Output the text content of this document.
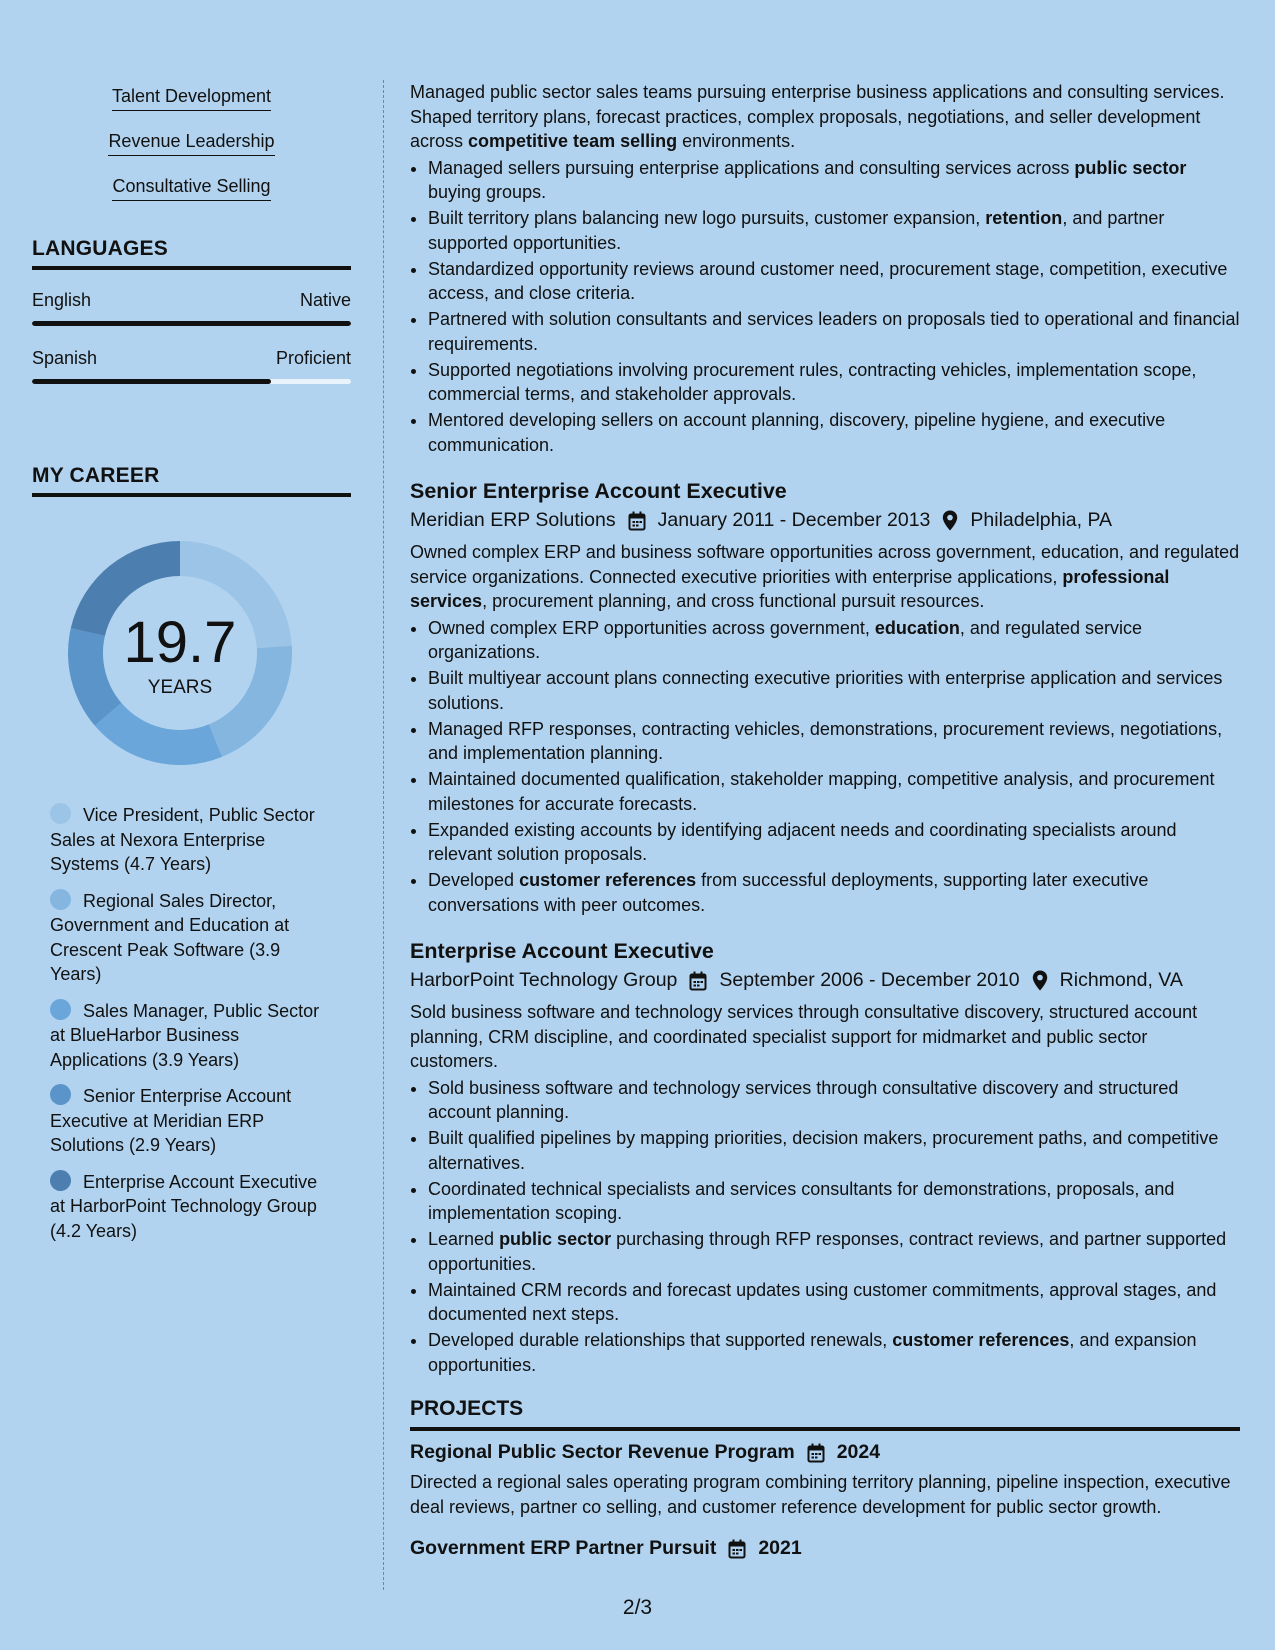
Talent Development
Revenue Leadership
Consultative Selling
LANGUAGES
English	Native
Spanish	Proficient
MY CAREER
19.7
YEARS
Vice President, Public Sector Sales at Nexora Enterprise Systems (4.7 Years)
Regional Sales Director, Government and Education at Crescent Peak Software (3.9 Years)
Sales Manager, Public Sector at BlueHarbor Business Applications (3.9 Years)
Senior Enterprise Account Executive at Meridian ERP Solutions (2.9 Years)
Enterprise Account Executive at HarborPoint Technology Group (4.2 Years)

Managed public sector sales teams pursuing enterprise business applications and consulting services. Shaped territory plans, forecast practices, complex proposals, negotiations, and seller development across competitive team selling environments.

• Managed sellers pursuing enterprise applications and consulting services across public sector buying groups.
• Built territory plans balancing new logo pursuits, customer expansion, retention, and partner supported opportunities.
• Standardized opportunity reviews around customer need, procurement stage, competition, executive access, and close criteria.
• Partnered with solution consultants and services leaders on proposals tied to operational and financial requirements.
• Supported negotiations involving procurement rules, contracting vehicles, implementation scope, commercial terms, and stakeholder approvals.
• Mentored developing sellers on account planning, discovery, pipeline hygiene, and executive communication.
Senior Enterprise Account Executive
Meridian ERP Solutions January 2011 - December 2013 Philadelphia, PA

Owned complex ERP and business software opportunities across government, education, and regulated service organizations. Connected executive priorities with enterprise applications, professional services, procurement planning, and cross functional pursuit resources.

• Owned complex ERP opportunities across government, education, and regulated service organizations.
• Built multiyear account plans connecting executive priorities with enterprise application and services solutions.
• Managed RFP responses, contracting vehicles, demonstrations, procurement reviews, negotiations, and implementation planning.
• Maintained documented qualification, stakeholder mapping, competitive analysis, and procurement milestones for accurate forecasts.
• Expanded existing accounts by identifying adjacent needs and coordinating specialists around relevant solution proposals.
• Developed customer references from successful deployments, supporting later executive conversations with peer outcomes.
Enterprise Account Executive
HarborPoint Technology Group September 2006 - December 2010 Richmond, VA

Sold business software and technology services through consultative discovery, structured account planning, CRM discipline, and coordinated specialist support for midmarket and public sector customers.

• Sold business software and technology services through consultative discovery and structured account planning.
• Built qualified pipelines by mapping priorities, decision makers, procurement paths, and competitive alternatives.
• Coordinated technical specialists and services consultants for demonstrations, proposals, and implementation scoping.
• Learned public sector purchasing through RFP responses, contract reviews, and partner supported opportunities.
• Maintained CRM records and forecast updates using customer commitments, approval stages, and documented next steps.
• Developed durable relationships that supported renewals, customer references, and expansion opportunities.
PROJECTS
Regional Public Sector Revenue Program 2024

Directed a regional sales operating program combining territory planning, pipeline inspection, executive deal reviews, partner co selling, and customer reference development for public sector growth.

Government ERP Partner Pursuit 2021
2/3
